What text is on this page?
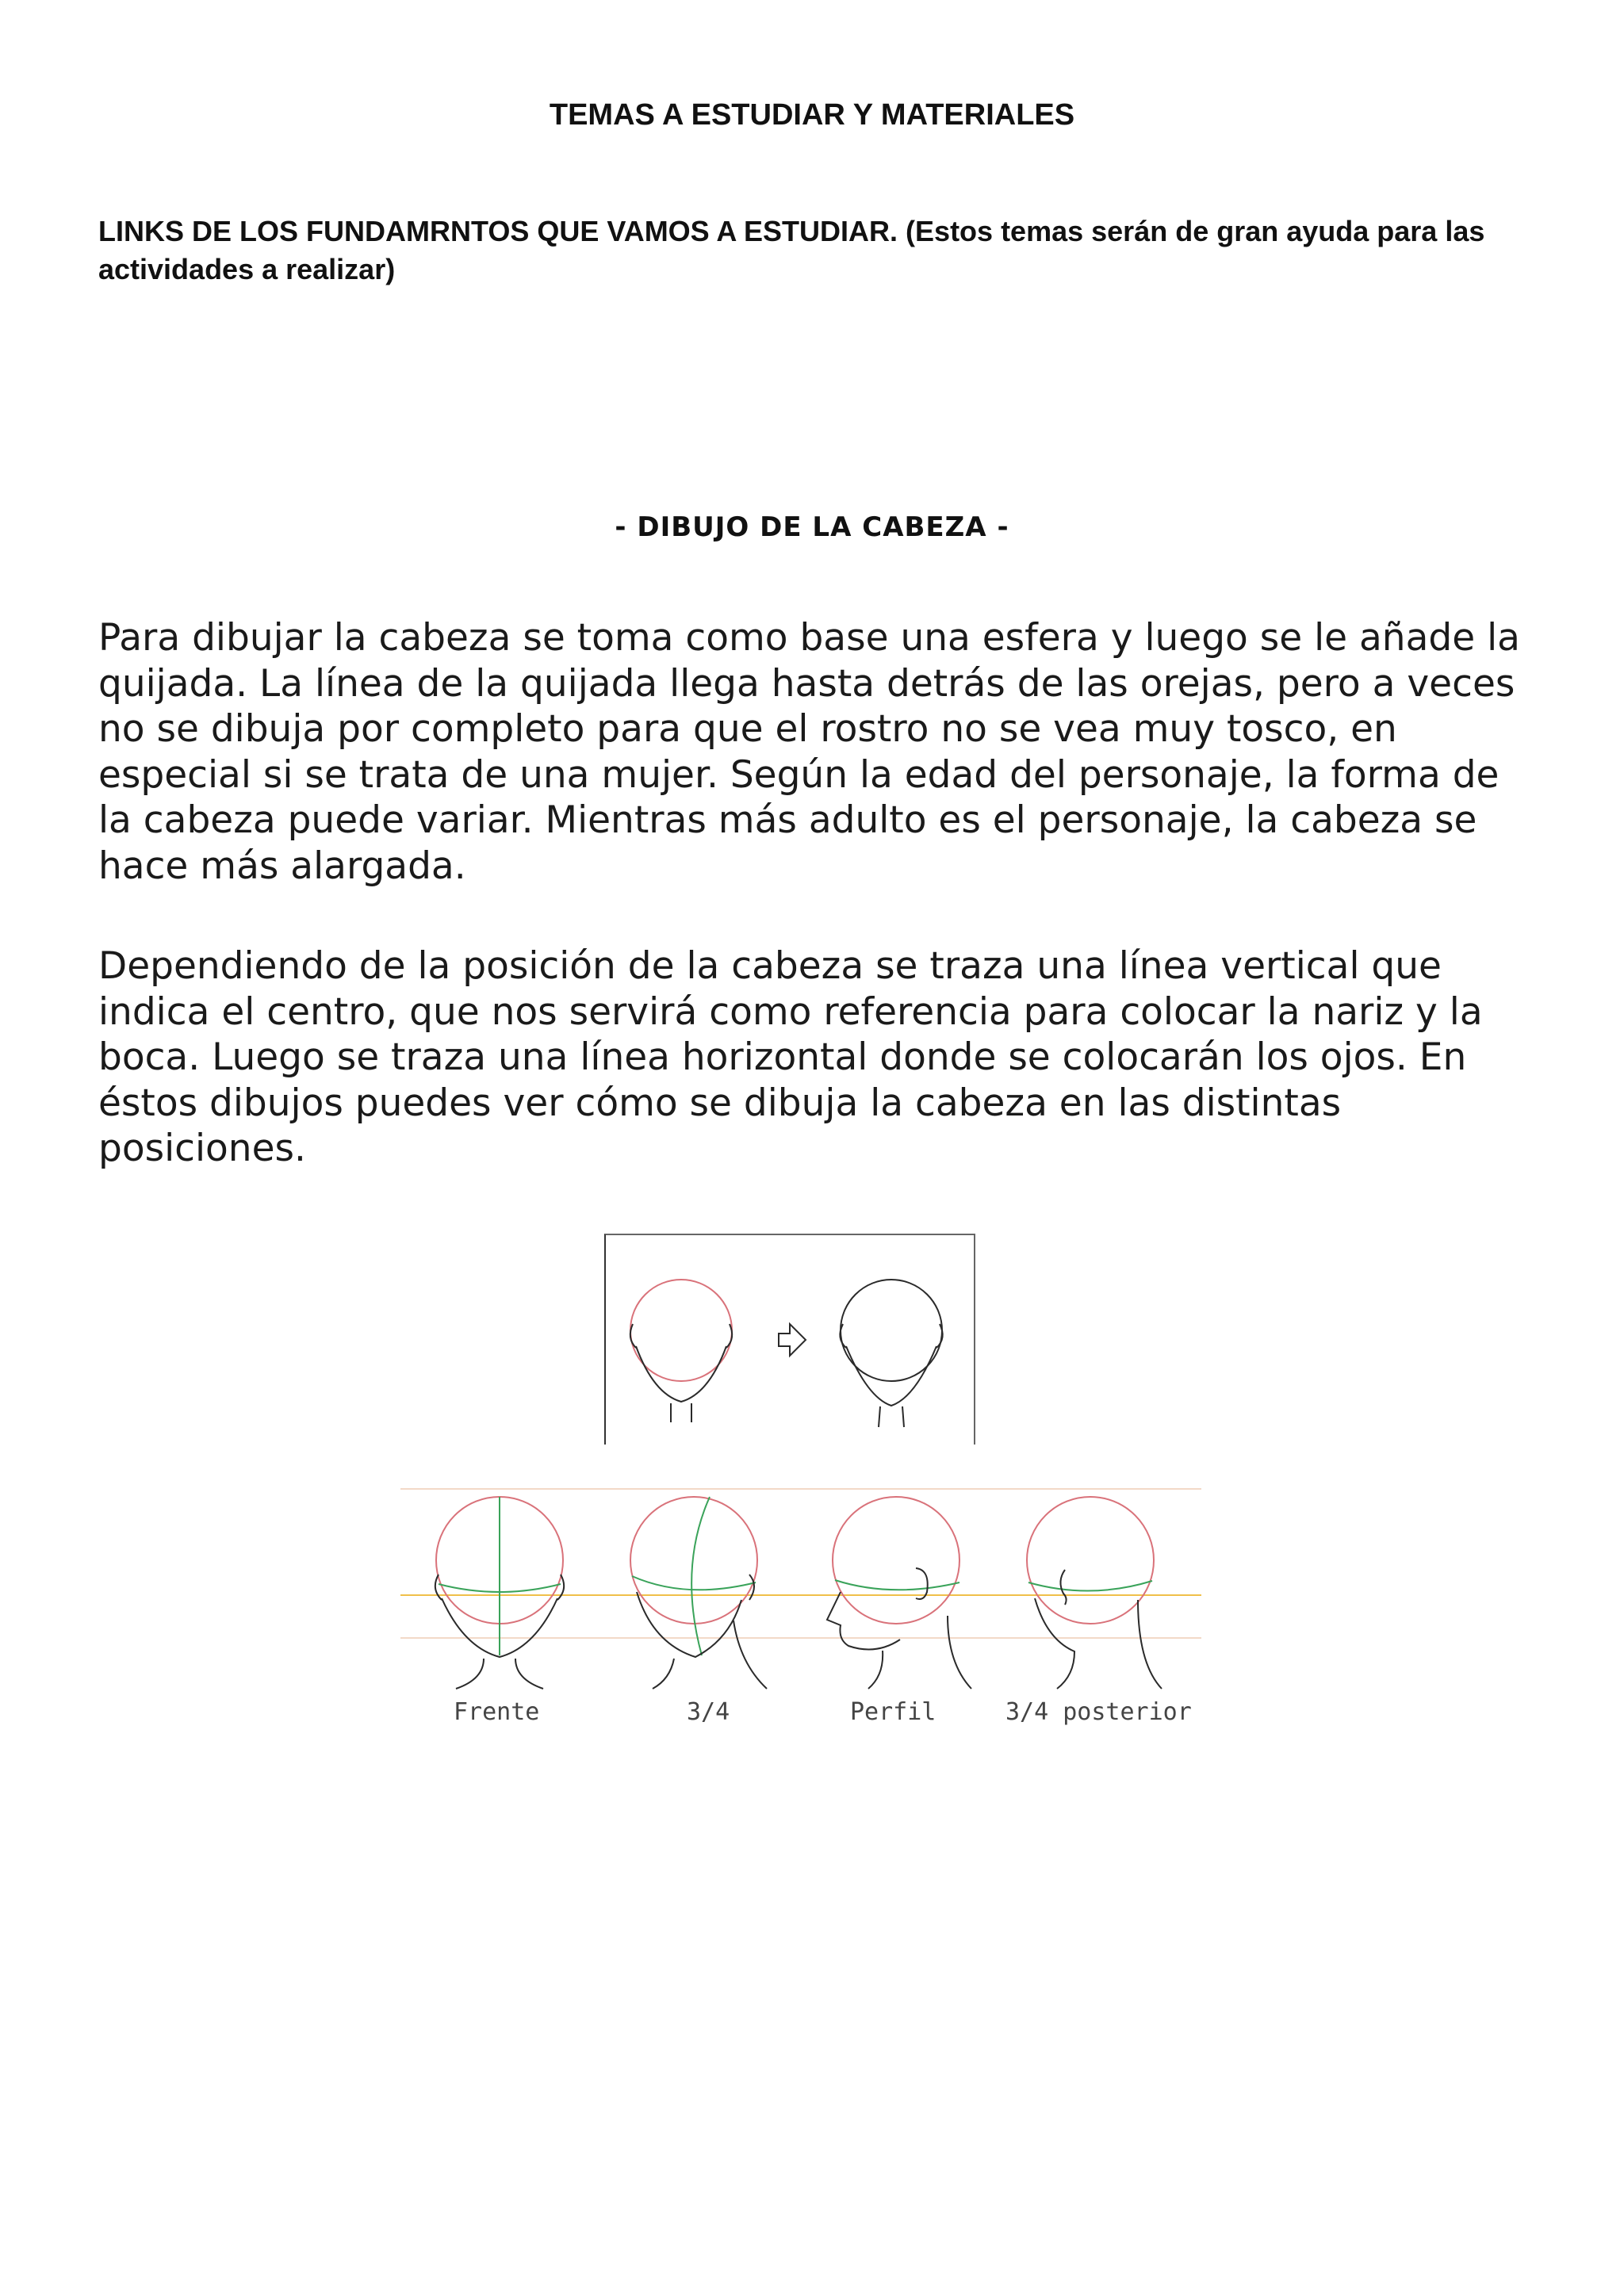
TEMAS A ESTUDIAR Y MATERIALES
LINKS DE LOS FUNDAMRNTOS QUE VAMOS A ESTUDIAR. (Estos temas serán de gran ayuda para las actividades a realizar)
- DIBUJO DE LA CABEZA -

Para dibujar la cabeza se toma como base una esfera y luego se le añade la quijada. La línea de la quijada llega hasta detrás de las orejas, pero a veces no se dibuja por completo para que el rostro no se vea muy tosco, en especial si se trata de una mujer. Según la edad del personaje, la forma de la cabeza puede variar. Mientras más adulto es el personaje, la cabeza se hace más alargada.

Dependiendo de la posición de la cabeza se traza una línea vertical que indica el centro, que nos servirá como referencia para colocar la nariz y la boca. Luego se traza una línea horizontal donde se colocarán los ojos. En éstos dibujos puedes ver cómo se dibuja la cabeza en las distintas posiciones.

Frente	3/4	Perfil	3/4 posterior
